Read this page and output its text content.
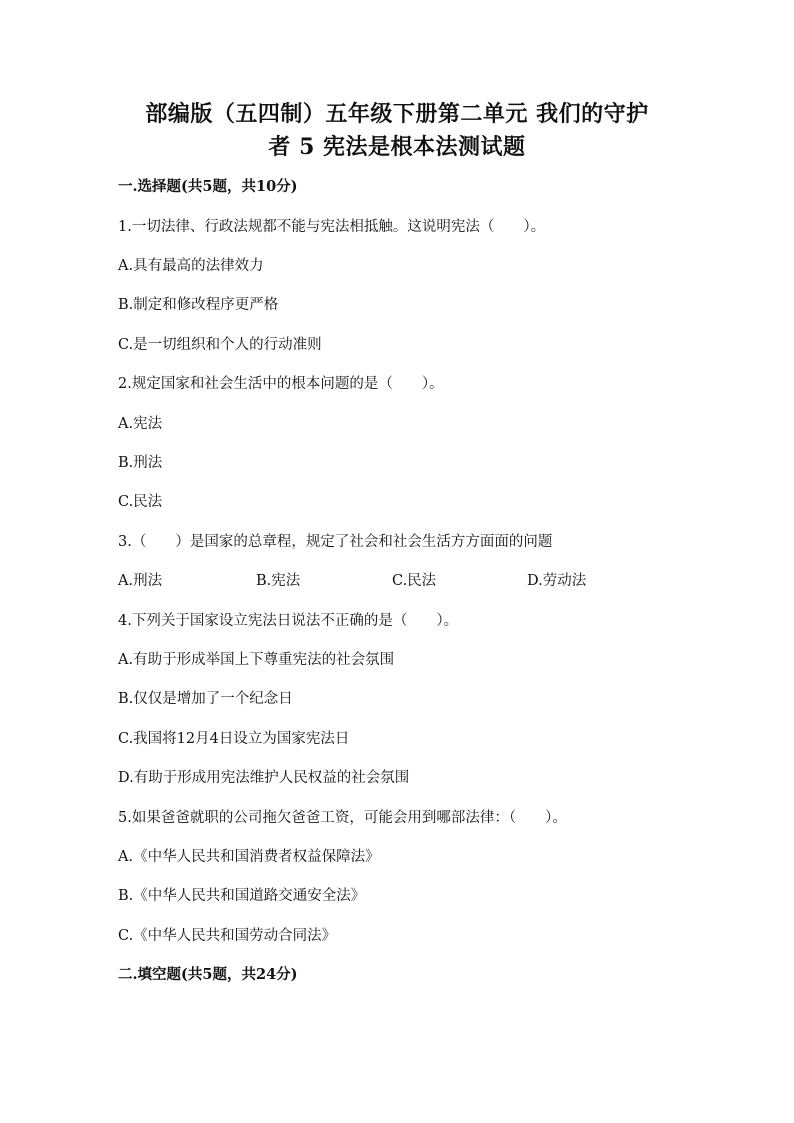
部编版（五四制）五年级下册第二单元 我们的守护
者 5 宪法是根本法测试题
一.选择题(共5题，共10分)
1.一切法律、行政法规都不能与宪法相抵触。这说明宪法（　　）。
A.具有最高的法律效力
B.制定和修改程序更严格
C.是一切组织和个人的行动准则
2.规定国家和社会生活中的根本问题的是（　　）。
A.宪法
B.刑法
C.民法
3.（　　）是国家的总章程，规定了社会和社会生活方方面面的问题
A.刑法	B.宪法	C.民法	D.劳动法
4.下列关于国家设立宪法日说法不正确的是（　　）。
A.有助于形成举国上下尊重宪法的社会氛围
B.仅仅是增加了一个纪念日
C.我国将12月4日设立为国家宪法日
D.有助于形成用宪法维护人民权益的社会氛围
5.如果爸爸就职的公司拖欠爸爸工资，可能会用到哪部法律：（　　）。
A.《中华人民共和国消费者权益保障法》
B.《中华人民共和国道路交通安全法》
C.《中华人民共和国劳动合同法》
二.填空题(共5题，共24分)
